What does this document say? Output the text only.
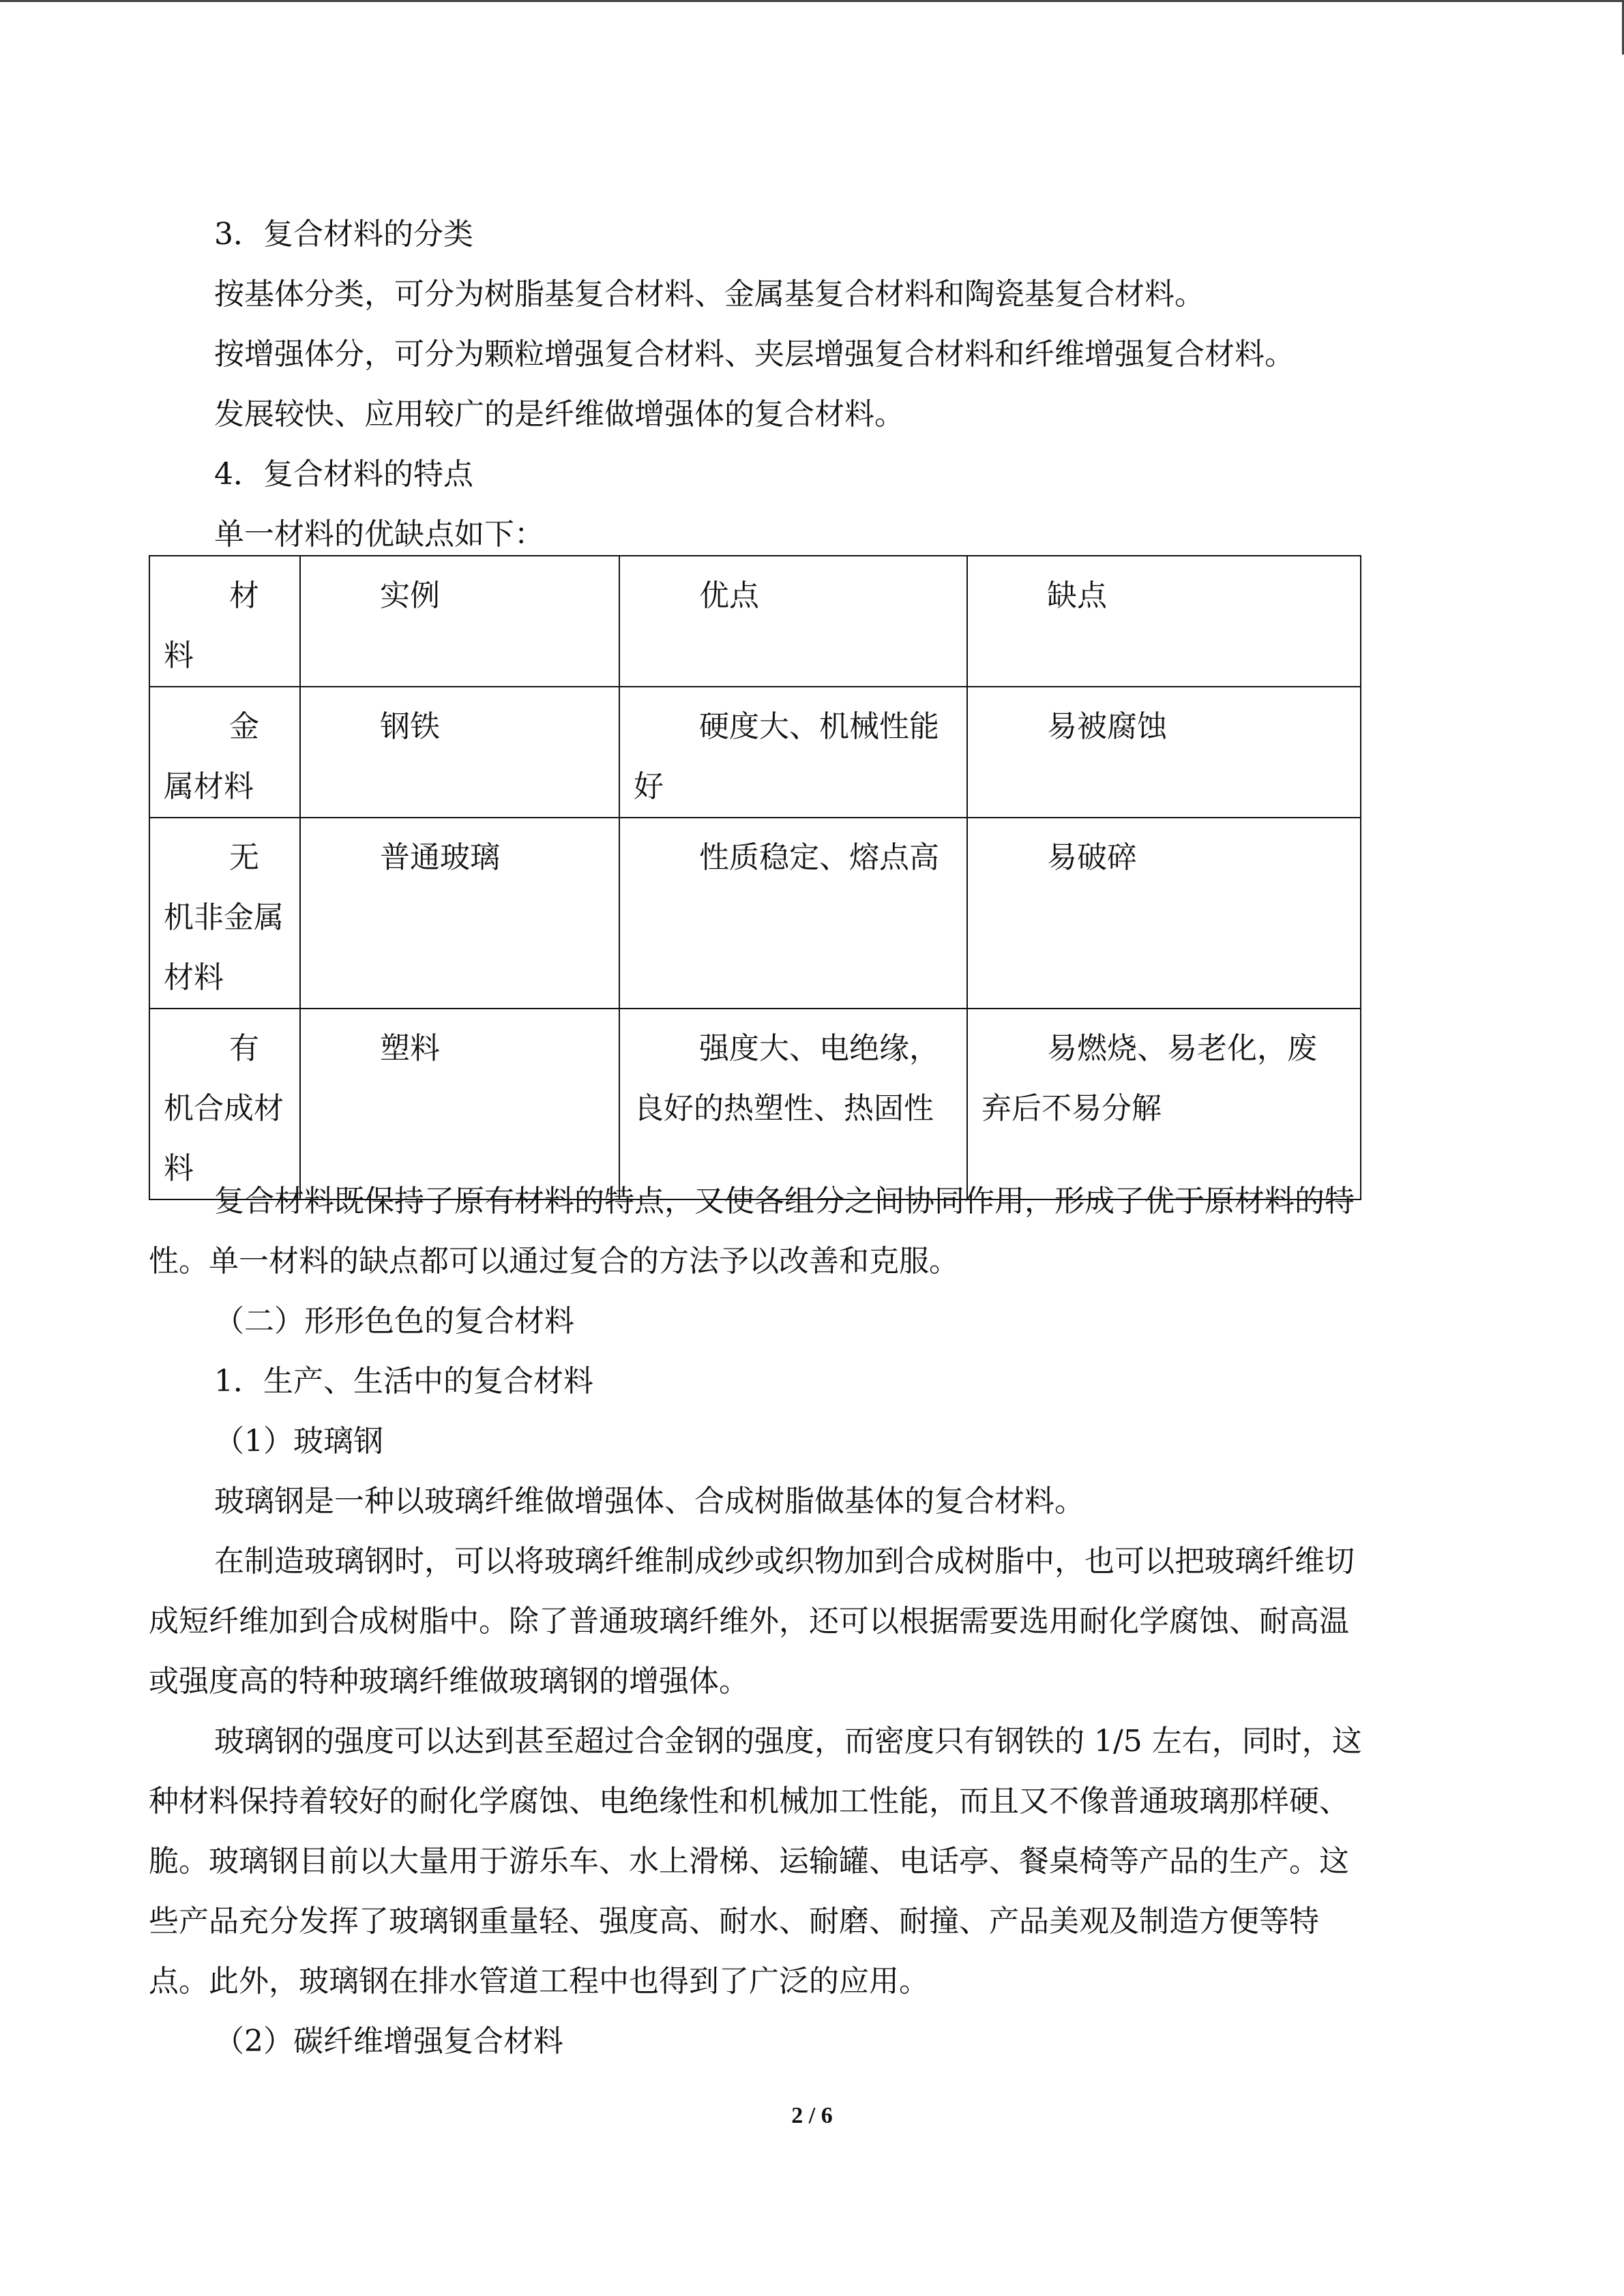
3．复合材料的分类
按基体分类，可分为树脂基复合材料、金属基复合材料和陶瓷基复合材料。
按增强体分，可分为颗粒增强复合材料、夹层增强复合材料和纤维增强复合材料。
发展较快、应用较广的是纤维做增强体的复合材料。
4．复合材料的特点
单一材料的优缺点如下：
材料	实例	优点	缺点
金属材料	钢铁	硬度大、机械性能好	易被腐蚀
无机非金属材料	普通玻璃	性质稳定、熔点高	易破碎
有机合成材料	塑料	强度大、电绝缘，良好的热塑性、热固性	易燃烧、易老化，废弃后不易分解
复合材料既保持了原有材料的特点，又使各组分之间协同作用，形成了优于原材料的特
性。单一材料的缺点都可以通过复合的方法予以改善和克服。
（二）形形色色的复合材料
1．生产、生活中的复合材料
（1）玻璃钢
玻璃钢是一种以玻璃纤维做增强体、合成树脂做基体的复合材料。
在制造玻璃钢时，可以将玻璃纤维制成纱或织物加到合成树脂中，也可以把玻璃纤维切
成短纤维加到合成树脂中。除了普通玻璃纤维外，还可以根据需要选用耐化学腐蚀、耐高温
或强度高的特种玻璃纤维做玻璃钢的增强体。
玻璃钢的强度可以达到甚至超过合金钢的强度，而密度只有钢铁的 1/5 左右，同时，这
种材料保持着较好的耐化学腐蚀、电绝缘性和机械加工性能，而且又不像普通玻璃那样硬、
脆。玻璃钢目前以大量用于游乐车、水上滑梯、运输罐、电话亭、餐桌椅等产品的生产。这
些产品充分发挥了玻璃钢重量轻、强度高、耐水、耐磨、耐撞、产品美观及制造方便等特
点。此外，玻璃钢在排水管道工程中也得到了广泛的应用。
（2）碳纤维增强复合材料
2 / 6
